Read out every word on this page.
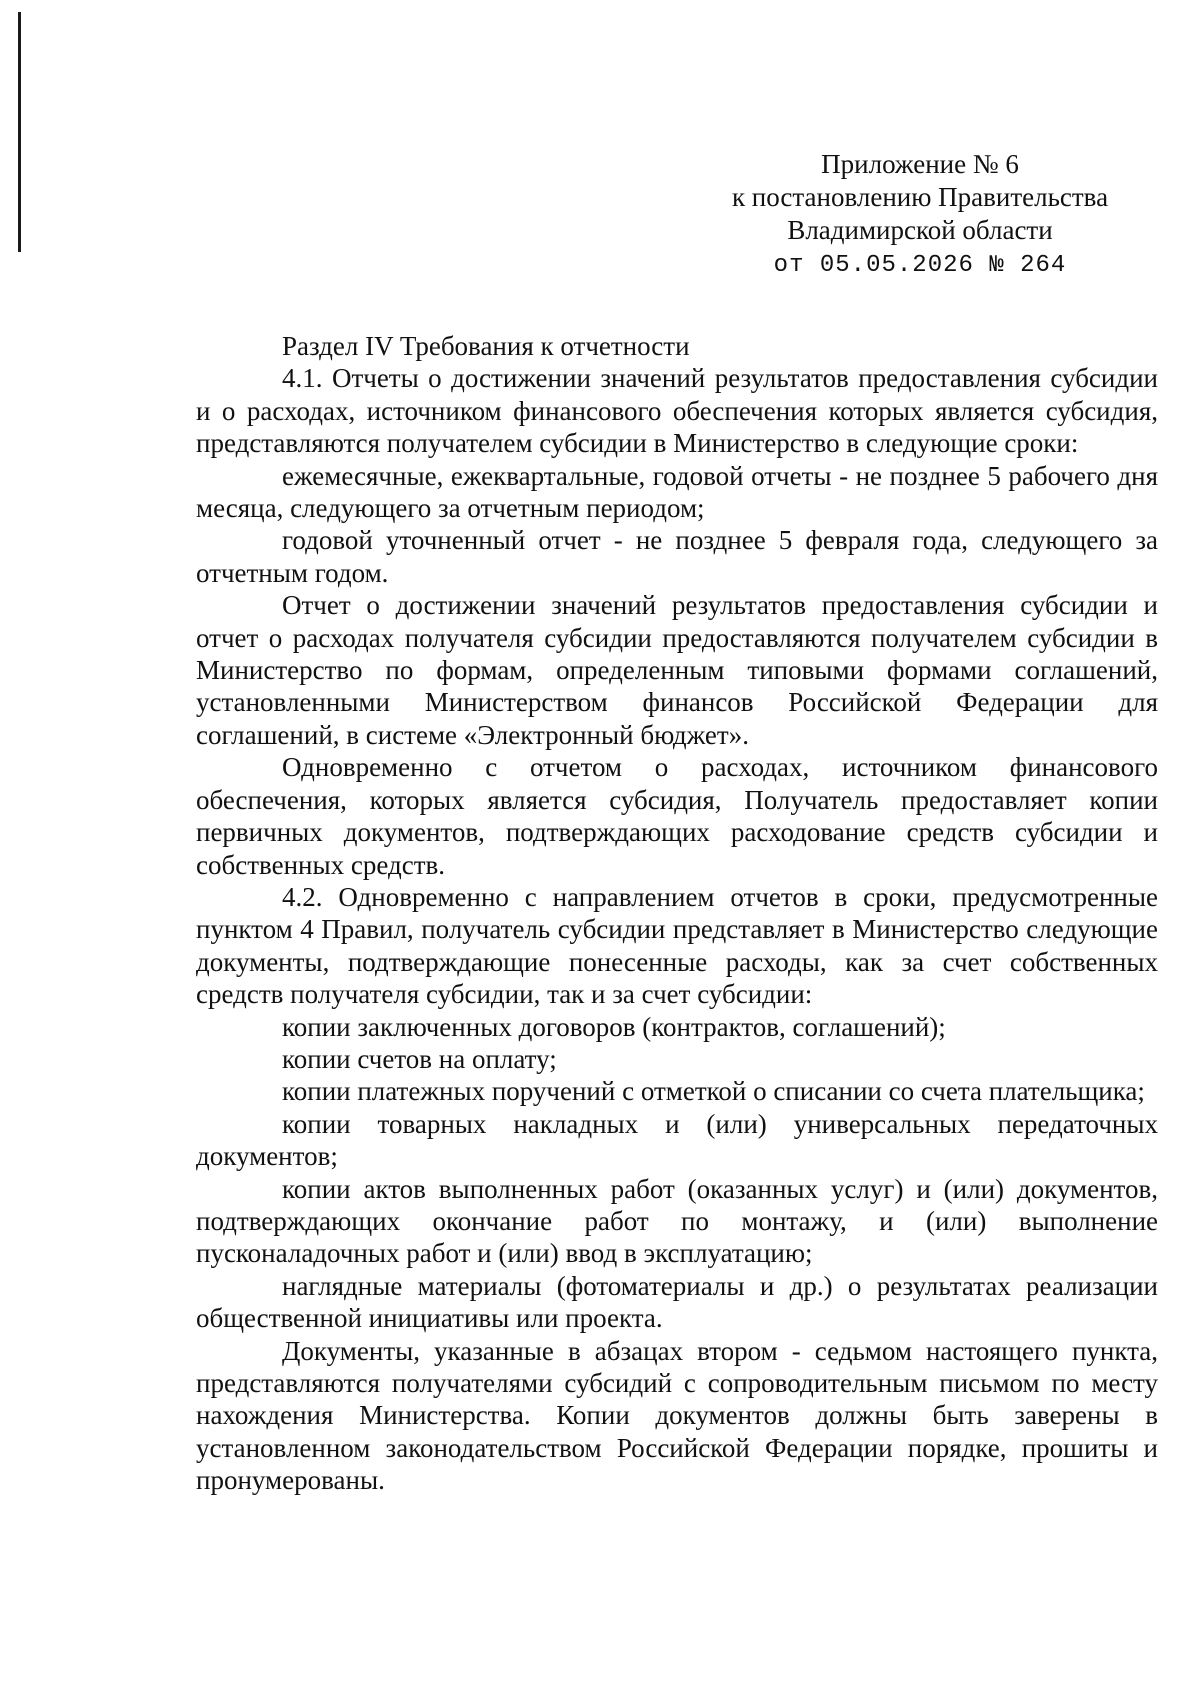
Приложение № 6
к постановлению Правительства
Владимирской области
от 05.05.2026 № 264
Раздел IV Требования к отчетности

4.1. Отчеты о достижении значений результатов предоставления субсидии и о расходах, источником финансового обеспечения которых является субсидия, представляются получателем субсидии в Министерство в следующие сроки:

ежемесячные, ежеквартальные, годовой отчеты - не позднее 5 рабочего дня месяца, следующего за отчетным периодом;

годовой уточненный отчет - не позднее 5 февраля года, следующего за отчетным годом.

Отчет о достижении значений результатов предоставления субсидии и отчет о расходах получателя субсидии предоставляются получателем субсидии в Министерство по формам, определенным типовыми формами соглашений, установленными Министерством финансов Российской Федерации для соглашений, в системе «Электронный бюджет».

Одновременно с отчетом о расходах, источником финансового обеспечения, которых является субсидия, Получатель предоставляет копии первичных документов, подтверждающих расходование средств субсидии и собственных средств.

4.2. Одновременно с направлением отчетов в сроки, предусмотренные пунктом 4 Правил, получатель субсидии представляет в Министерство следующие документы, подтверждающие понесенные расходы, как за счет собственных средств получателя субсидии, так и за счет субсидии:

копии заключенных договоров (контрактов, соглашений);

копии счетов на оплату;

копии платежных поручений с отметкой о списании со счета плательщика;

копии товарных накладных и (или) универсальных передаточных документов;

копии актов выполненных работ (оказанных услуг) и (или) документов, подтверждающих окончание работ по монтажу, и (или) выполнение пусконаладочных работ и (или) ввод в эксплуатацию;

наглядные материалы (фотоматериалы и др.) о результатах реализации общественной инициативы или проекта.

Документы, указанные в абзацах втором - седьмом настоящего пункта, представляются получателями субсидий с сопроводительным письмом по месту нахождения Министерства. Копии документов должны быть заверены в установленном законодательством Российской Федерации порядке, прошиты и пронумерованы.
